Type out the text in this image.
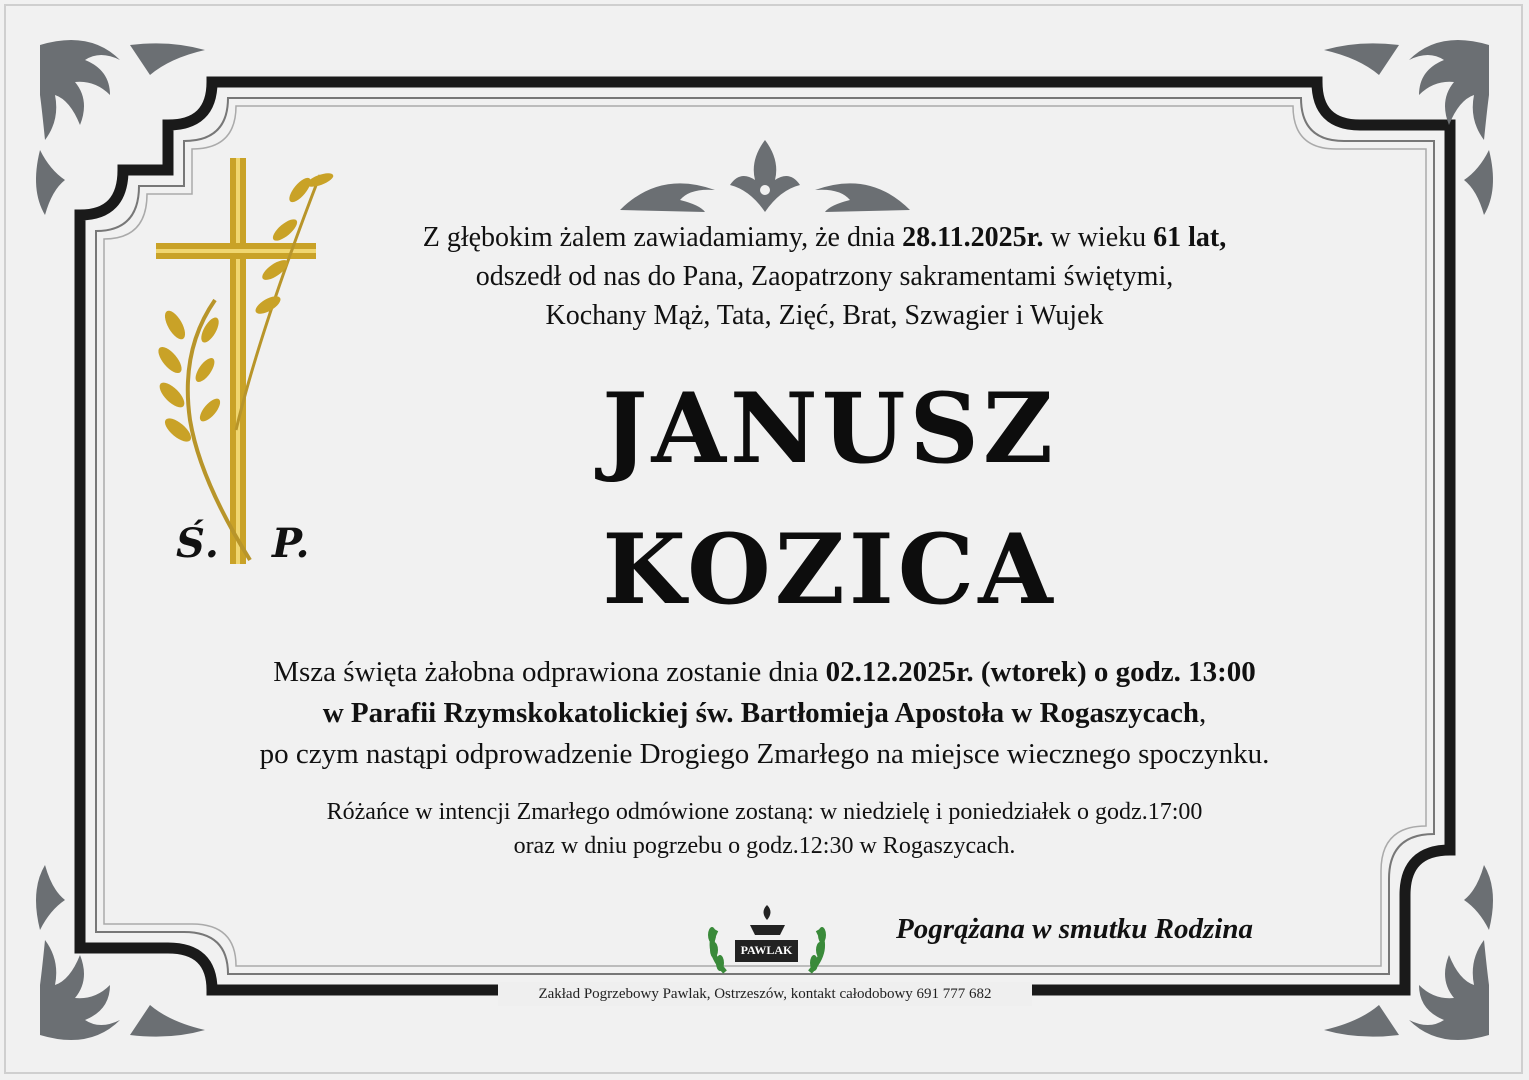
Ś. P.
Z głębokim żalem zawiadamiamy, że dnia 28.11.2025r. w wieku 61 lat,
odszedł od nas do Pana, Zaopatrzony sakramentami świętymi,
Kochany Mąż, Tata, Zięć, Brat, Szwagier i Wujek
JANUSZ
KOZICA
Msza święta żałobna odprawiona zostanie dnia 02.12.2025r. (wtorek) o godz. 13:00
w Parafii Rzymskokatolickiej św. Bartłomieja Apostoła w Rogaszycach,
po czym nastąpi odprowadzenie Drogiego Zmarłego na miejsce wiecznego spoczynku.
Różańce w intencji Zmarłego odmówione zostaną: w niedzielę i poniedziałek o godz.17:00
oraz w dniu pogrzebu o godz.12:30 w Rogaszycach.
PAWLAK
Pogrążana w smutku Rodzina
Zakład Pogrzebowy Pawlak, Ostrzeszów, kontakt całodobowy 691 777 682
